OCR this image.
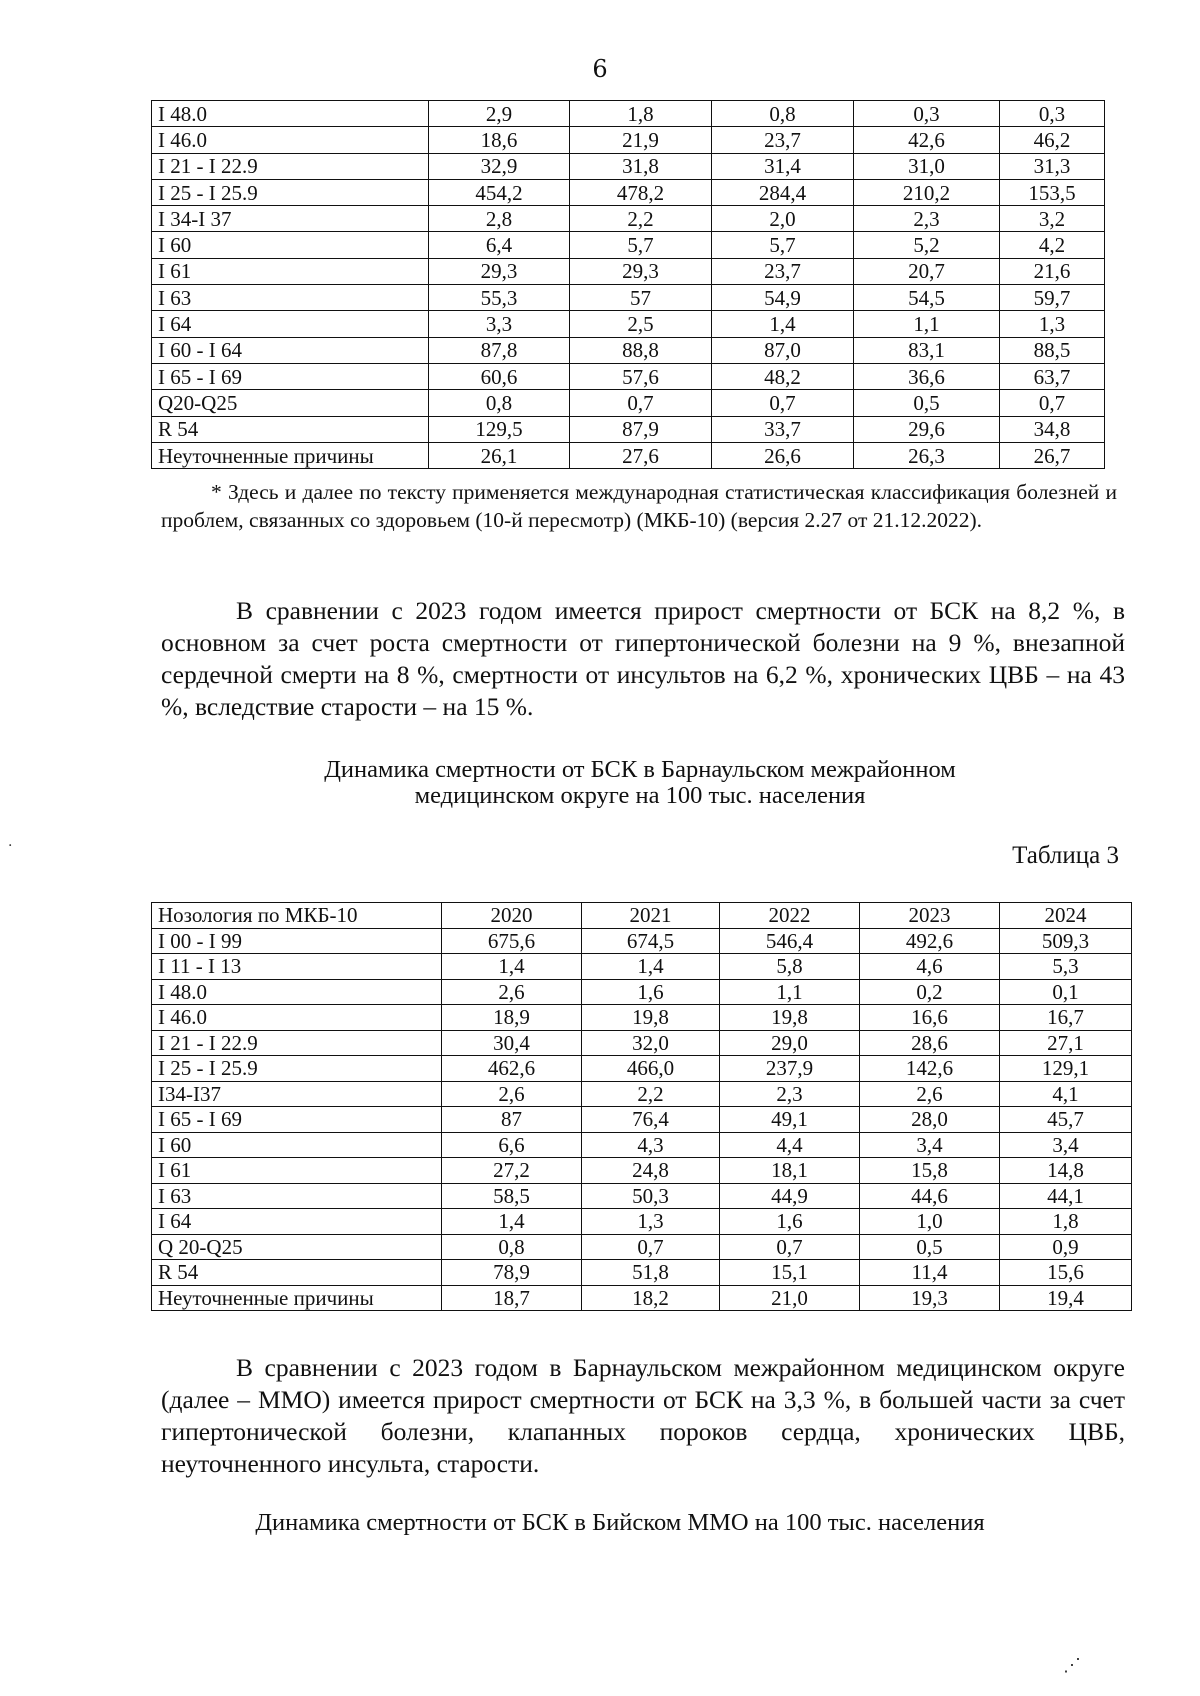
6
I 48.0	2,9	1,8	0,8	0,3	0,3
I 46.0	18,6	21,9	23,7	42,6	46,2
I 21 - I 22.9	32,9	31,8	31,4	31,0	31,3
I 25 - I 25.9	454,2	478,2	284,4	210,2	153,5
I 34-I 37	2,8	2,2	2,0	2,3	3,2
I 60	6,4	5,7	5,7	5,2	4,2
I 61	29,3	29,3	23,7	20,7	21,6
I 63	55,3	57	54,9	54,5	59,7
I 64	3,3	2,5	1,4	1,1	1,3
I 60 - I 64	87,8	88,8	87,0	83,1	88,5
I 65 - I 69	60,6	57,6	48,2	36,6	63,7
Q20-Q25	0,8	0,7	0,7	0,5	0,7
R 54	129,5	87,9	33,7	29,6	34,8
Неуточненные причины	26,1	27,6	26,6	26,3	26,7
* Здесь и далее по тексту применяется международная статистическая классификация болезней и проблем, связанных со здоровьем (10-й пересмотр) (МКБ-10) (версия 2.27 от 21.12.2022).
В сравнении с 2023 годом имеется прирост смертности от БСК на 8,2 %, в основном за счет роста смертности от гипертонической болезни на 9 %, внезапной сердечной смерти на 8 %, смертности от инсультов на 6,2 %, хронических ЦВБ – на 43 %, вследствие старости – на 15 %.
Динамика смертности от БСК в Барнаульском межрайонном
медицинском округе на 100 тыс. населения
Таблица 3
Нозология по МКБ-10	2020	2021	2022	2023	2024
I 00 - I 99	675,6	674,5	546,4	492,6	509,3
I 11 - I 13	1,4	1,4	5,8	4,6	5,3
I 48.0	2,6	1,6	1,1	0,2	0,1
I 46.0	18,9	19,8	19,8	16,6	16,7
I 21 - I 22.9	30,4	32,0	29,0	28,6	27,1
I 25 - I 25.9	462,6	466,0	237,9	142,6	129,1
I34-I37	2,6	2,2	2,3	2,6	4,1
I 65 - I 69	87	76,4	49,1	28,0	45,7
I 60	6,6	4,3	4,4	3,4	3,4
I 61	27,2	24,8	18,1	15,8	14,8
I 63	58,5	50,3	44,9	44,6	44,1
I 64	1,4	1,3	1,6	1,0	1,8
Q 20-Q25	0,8	0,7	0,7	0,5	0,9
R 54	78,9	51,8	15,1	11,4	15,6
Неуточненные причины	18,7	18,2	21,0	19,3	19,4
В сравнении с 2023 годом в Барнаульском межрайонном медицинском округе (далее – ММО) имеется прирост смертности от БСК на 3,3 %, в большей части за счет гипертонической болезни, клапанных пороков сердца, хронических ЦВБ, неуточненного инсульта, старости.
Динамика смертности от БСК в Бийском ММО на 100 тыс. населения
·
⋰
